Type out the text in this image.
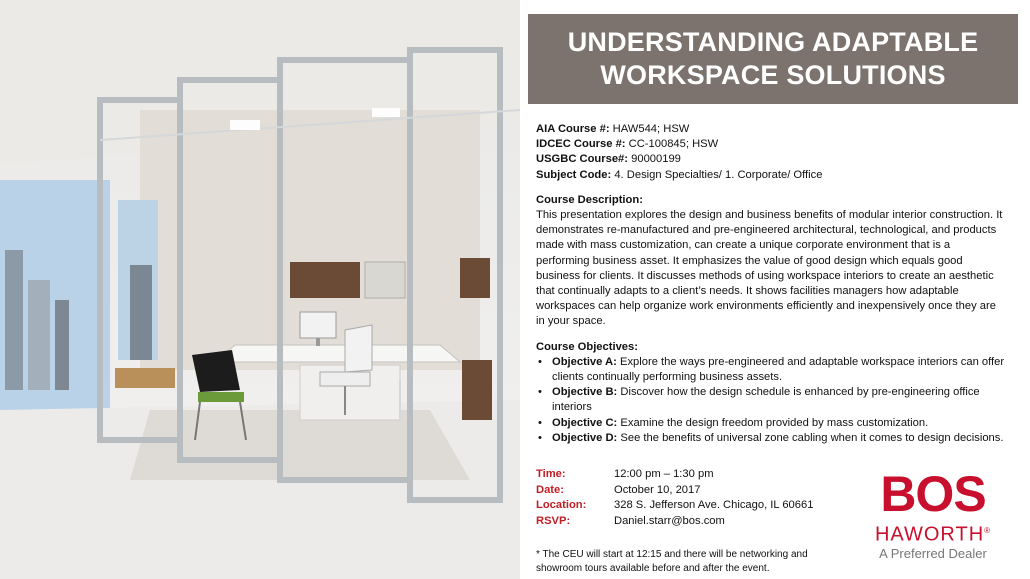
UNDERSTANDING ADAPTABLE
WORKSPACE SOLUTIONS
AIA Course #: HAW544; HSW
IDCEC Course #: CC-100845; HSW
USGBC Course#: 90000199
Subject Code: 4. Design Specialties/ 1. Corporate/ Office
Course Description:

This presentation explores the design and business benefits of modular interior construction. It demonstrates re-manufactured and pre-engineered architectural, technological, and products made with mass customization, can create a unique corporate environment that is a performing business asset. It emphasizes the value of good design which equals good business for clients. It discusses methods of using workspace interiors to create an aesthetic that continually adapts to a client’s needs. It shows facilities managers how adaptable workspaces can help organize work environments efficiently and inexpensively once they are in your space.

Course Objectives:
• Objective A: Explore the ways pre-engineered and adaptable workspace interiors can offer clients continually performing business assets.
• Objective B: Discover how the design schedule is enhanced by pre-engineering office interiors
• Objective C: Examine the design freedom provided by mass customization.
• Objective D: See the benefits of universal zone cabling when it comes to design decisions.
Time:	12:00 pm – 1:30 pm
Date:	October 10, 2017
Location:	328 S. Jefferson Ave. Chicago, IL 60661
RSVP:	Daniel.starr@bos.com
* The CEU will start at 12:15 and there will be networking and showroom tours available before and after the event.
BOS
HAWORTH®
A Preferred Dealer
